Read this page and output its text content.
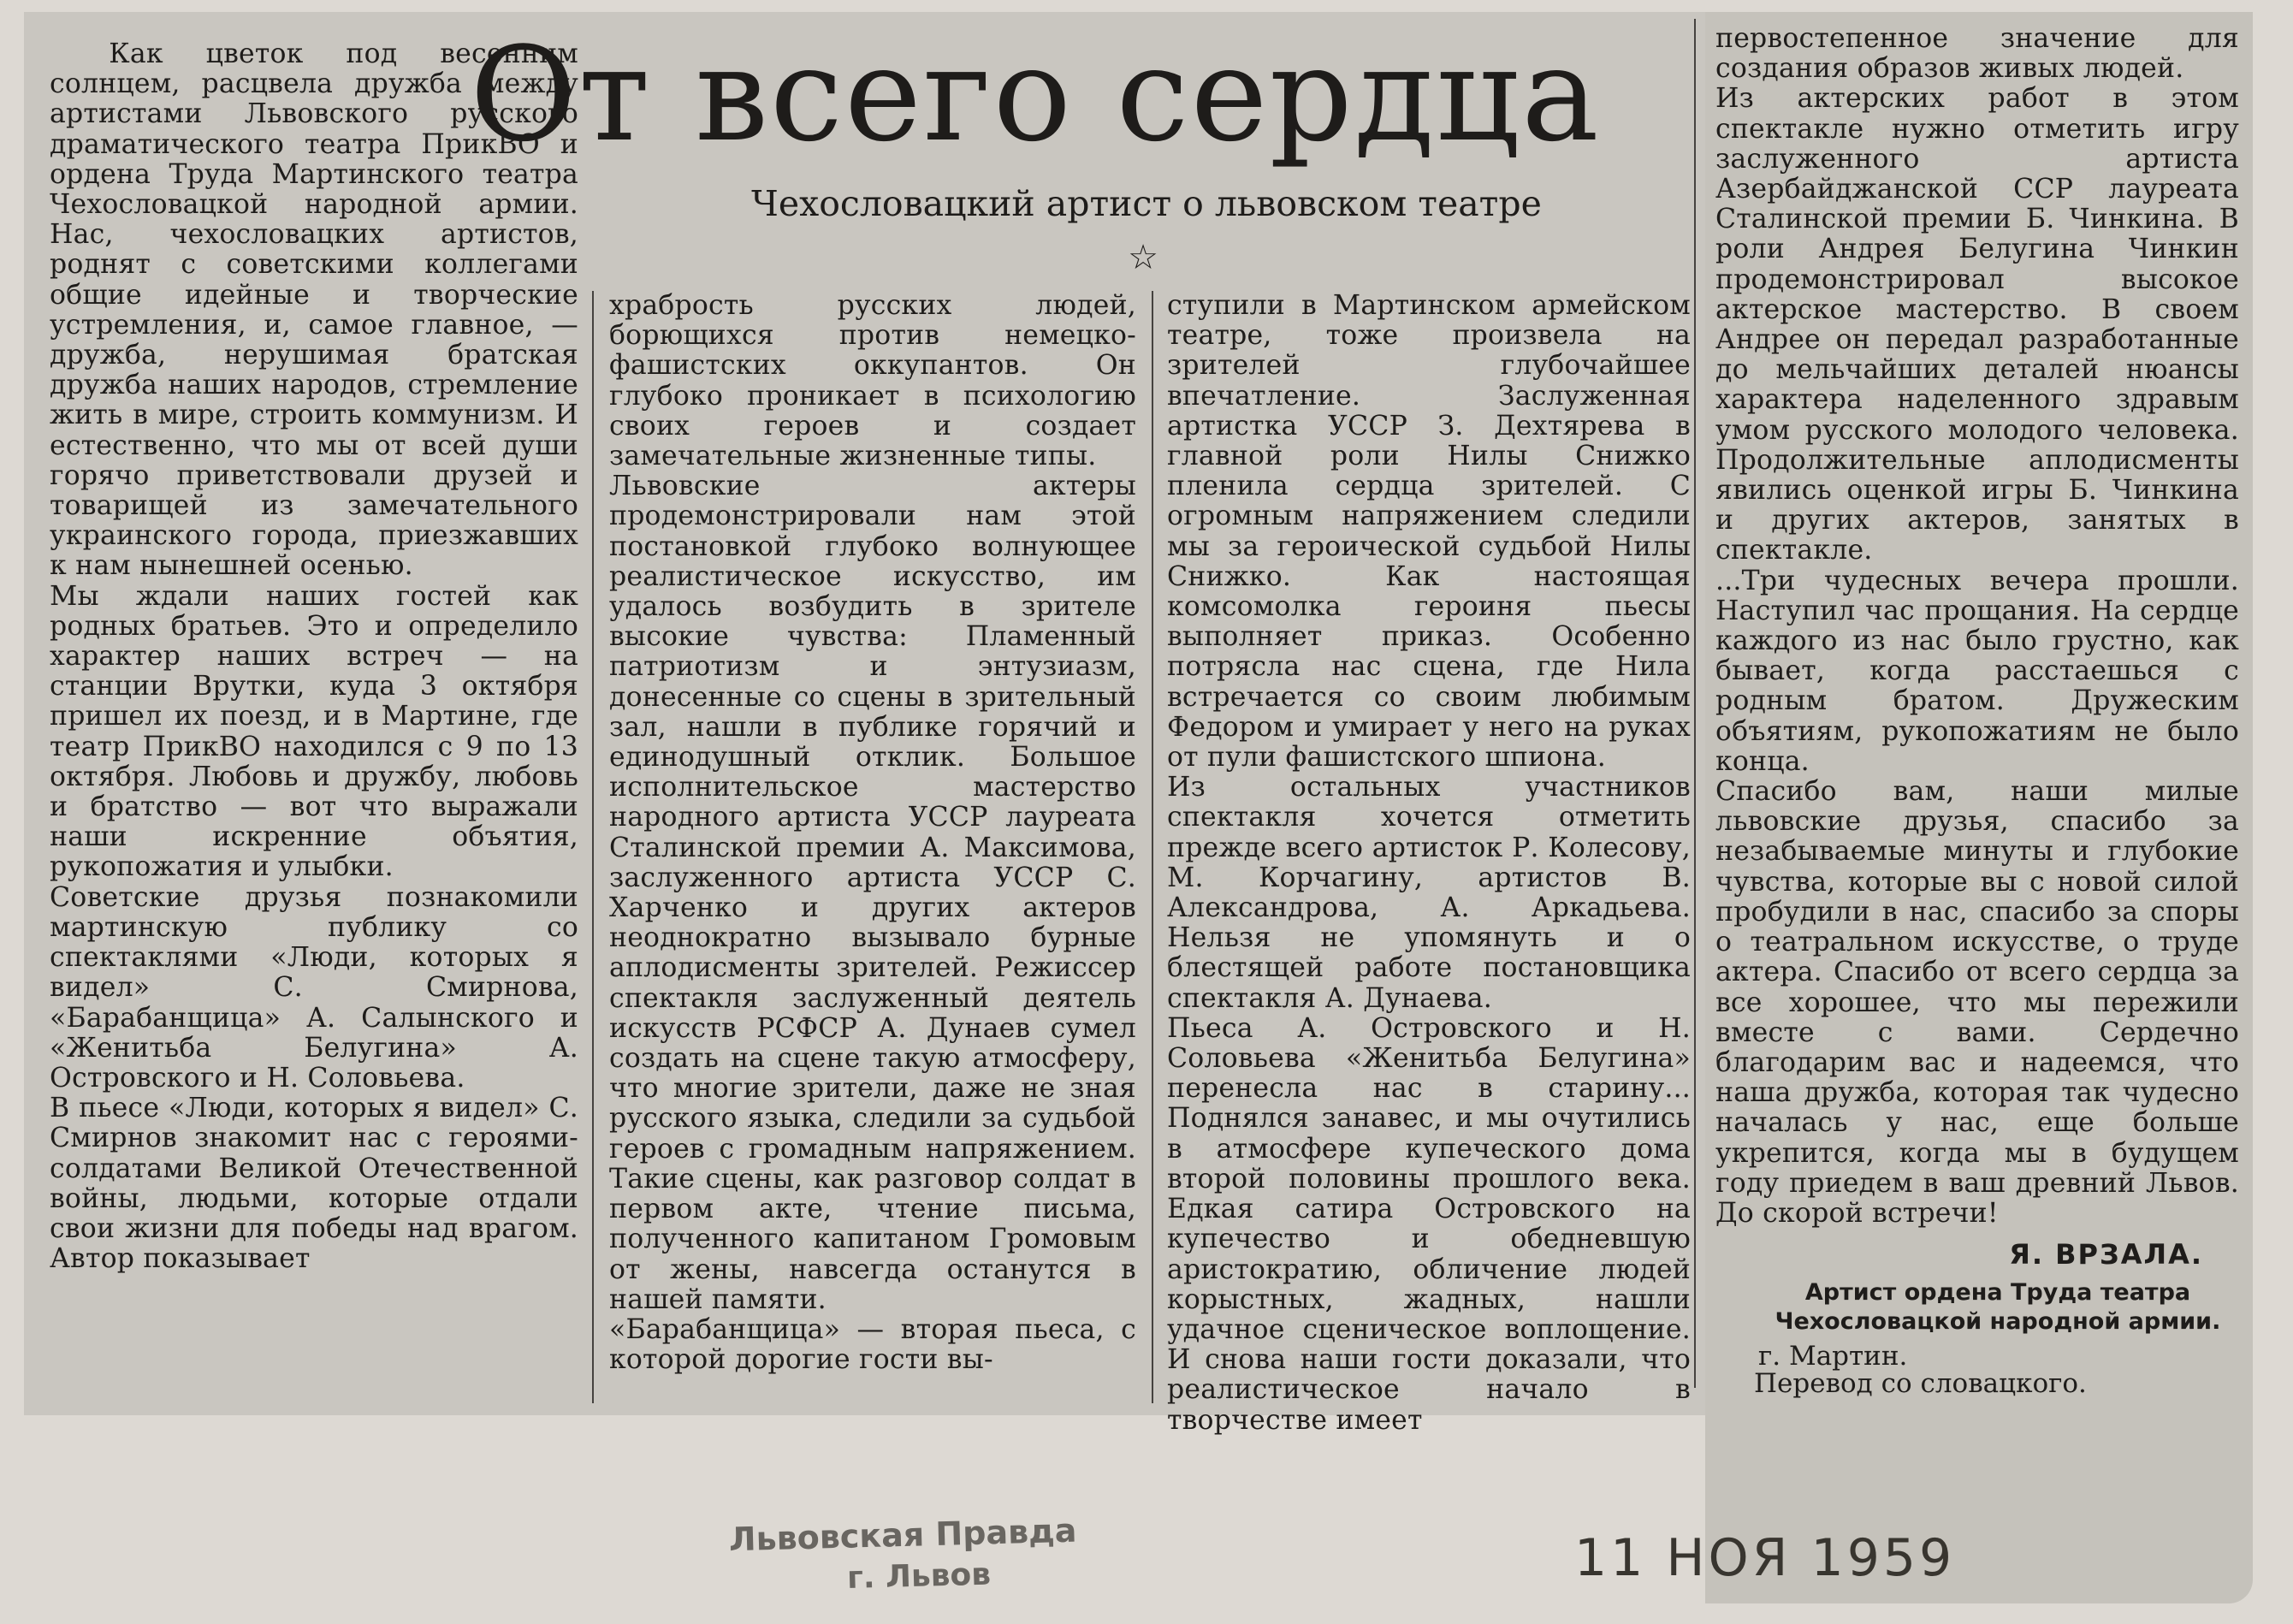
От всего сердца
Чехословацкий артист о львовском театре
☆

Как цветок под весенним солнцем, расцвела дружба между артистами Львовского русского драматического театра ПрикВО и ордена Труда Мартинского театра Чехословацкой народной армии. Нас, чехословацких артистов, роднят с советскими коллегами общие идейные и творческие устремления, и, самое главное, — дружба, нерушимая братская дружба наших народов, стремление жить в мире, строить коммунизм. И естественно, что мы от всей души горячо приветствовали друзей и товарищей из замечательного украинского города, приезжавших к нам нынешней осенью.
Мы ждали наших гостей как родных братьев. Это и определило характер наших встреч — на станции Врутки, куда 3 октября пришел их поезд, и в Мартине, где театр ПрикВО находился с 9 по 13 октября. Любовь и дружбу, любовь и братство — вот что выражали наши искренние объятия, рукопожатия и улыбки.
Советские друзья познакомили мартинскую публику со спектаклями «Люди, которых я видел» С. Смирнова, «Барабанщица» А. Салынского и «Женитьба Белугина» А. Островского и Н. Соловьева.
В пьесе «Люди, которых я видел» С. Смирнов знакомит нас с героями-солдатами Великой Отечественной войны, людьми, которые отдали свои жизни для победы над врагом. Автор показывает

храбрость русских людей, борющихся против немецко-фашистских оккупантов. Он глубоко проникает в психологию своих героев и создает замечательные жизненные типы.
Львовские актеры продемонстрировали нам этой постановкой глубоко волнующее реалистическое искусство, им удалось возбудить в зрителе высокие чувства: Пламенный патриотизм и энтузиазм, донесенные со сцены в зрительный зал, нашли в публике горячий и единодушный отклик. Большое исполнительское мастерство народного артиста УССР лауреата Сталинской премии А. Максимова, заслуженного артиста УССР С. Харченко и других актеров неоднократно вызывало бурные аплодисменты зрителей. Режиссер спектакля заслуженный деятель искусств РСФСР А. Дунаев сумел создать на сцене такую атмосферу, что многие зрители, даже не зная русского языка, следили за судьбой героев с громадным напряжением. Такие сцены, как разговор солдат в первом акте, чтение письма, полученного капитаном Громовым от жены, навсегда останутся в нашей памяти.
«Барабанщица» — вторая пьеса, с которой дорогие гости вы-

ступили в Мартинском армейском театре, тоже произвела на зрителей глубочайшее впечатление. Заслуженная артистка УССР З. Дехтярева в главной роли Нилы Снижко пленила сердца зрителей. С огромным напряжением следили мы за героической судьбой Нилы Снижко. Как настоящая комсомолка героиня пьесы выполняет приказ. Особенно потрясла нас сцена, где Нила встречается со своим любимым Федором и умирает у него на руках от пули фашистского шпиона.
Из остальных участников спектакля хочется отметить прежде всего артисток Р. Колесову, М. Корчагину, артистов В. Александрова, А. Аркадьева. Нельзя не упомянуть и о блестящей работе постановщика спектакля А. Дунаева.
Пьеса А. Островского и Н. Соловьева «Женитьба Белугина» перенесла нас в старину... Поднялся занавес, и мы очутились в атмосфере купеческого дома второй половины прошлого века. Едкая сатира Островского на купечество и обедневшую аристократию, обличение людей корыстных, жадных, нашли удачное сценическое воплощение. И снова наши гости доказали, что реалистическое начало в творчестве имеет

первостепенное значение для создания образов живых людей.
Из актерских работ в этом спектакле нужно отметить игру заслуженного артиста Азербайджанской ССР лауреата Сталинской премии Б. Чинкина. В роли Андрея Белугина Чинкин продемонстрировал высокое актерское мастерство. В своем Андрее он передал разработанные до мельчайших деталей нюансы характера наделенного здравым умом русского молодого человека. Продолжительные аплодисменты явились оценкой игры Б. Чинкина и других актеров, занятых в спектакле.
...Три чудесных вечера прошли. Наступил час прощания. На сердце каждого из нас было грустно, как бывает, когда расстаешься с родным братом. Дружеским объятиям, рукопожатиям не было конца.
Спасибо вам, наши милые львовские друзья, спасибо за незабываемые минуты и глубокие чувства, которые вы с новой силой пробудили в нас, спасибо за споры о театральном искусстве, о труде актера. Спасибо от всего сердца за все хорошее, что мы пережили вместе с вами. Сердечно благодарим вас и надеемся, что наша дружба, которая так чудесно началась у нас, еще больше укрепится, когда мы в будущем году приедем в ваш древний Львов. До скорой встречи!

Я. ВРЗАЛА.

Артист ордена Труда театра Чехословацкой народной армии.

г. Мартин.
Перевод со словацкого.
Львовская Правда
г. Львов	11 НОЯ 1959
